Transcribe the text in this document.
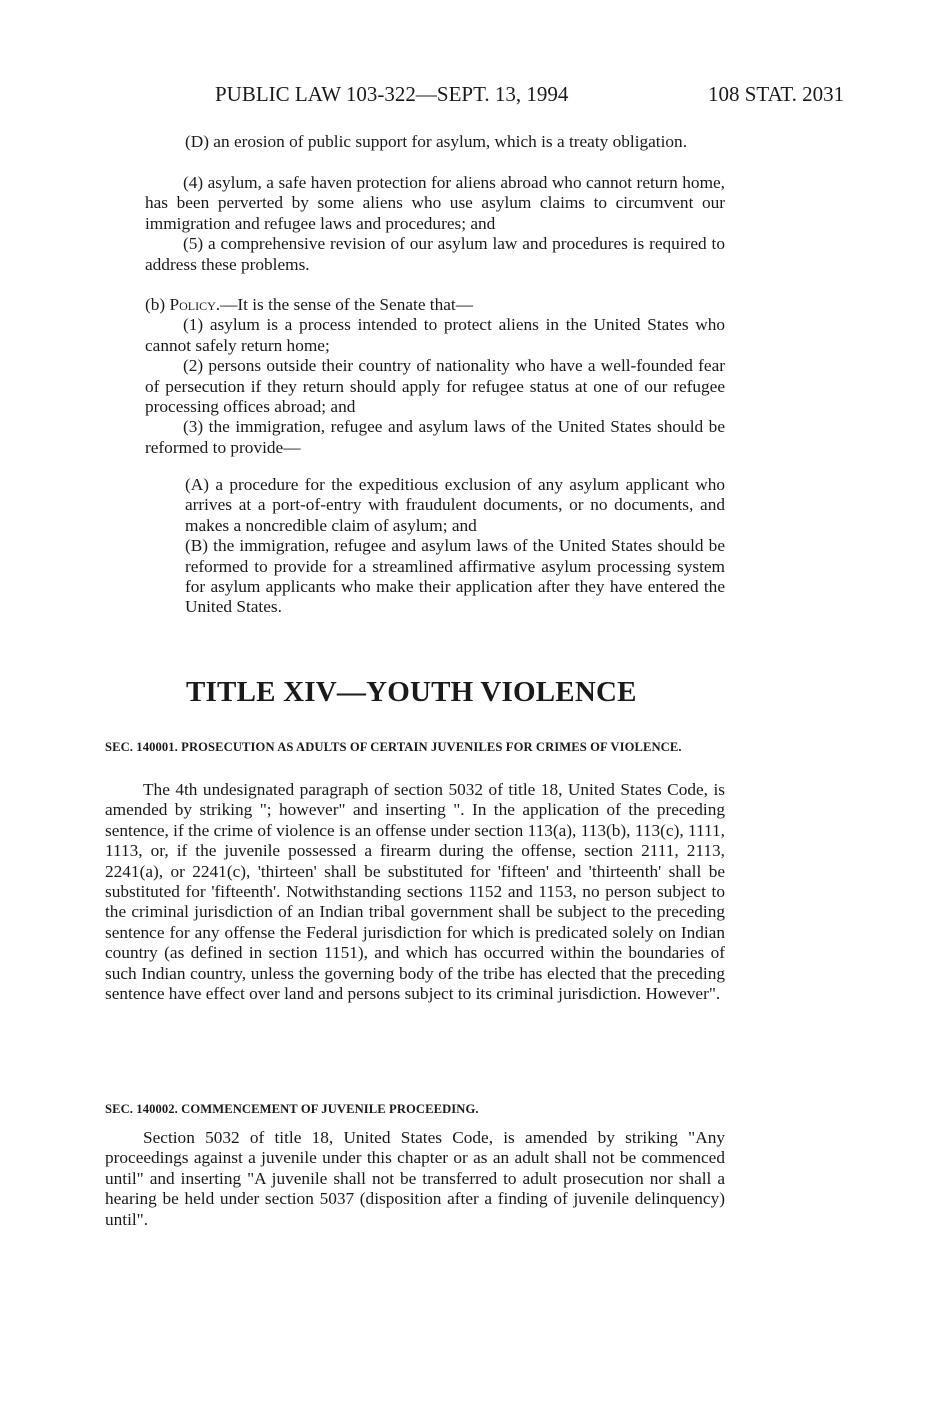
PUBLIC LAW 103-322—SEPT. 13, 1994	108 STAT. 2031

(D) an erosion of public support for asylum, which is a treaty obligation.

(4) asylum, a safe haven protection for aliens abroad who cannot return home, has been perverted by some aliens who use asylum claims to circumvent our immigration and refugee laws and procedures; and

(5) a comprehensive revision of our asylum law and procedures is required to address these problems.

(b) Policy.—It is the sense of the Senate that—

(1) asylum is a process intended to protect aliens in the United States who cannot safely return home;

(2) persons outside their country of nationality who have a well-founded fear of persecution if they return should apply for refugee status at one of our refugee processing offices abroad; and

(3) the immigration, refugee and asylum laws of the United States should be reformed to provide—

(A) a procedure for the expeditious exclusion of any asylum applicant who arrives at a port-of-entry with fraudulent documents, or no documents, and makes a noncredible claim of asylum; and

(B) the immigration, refugee and asylum laws of the United States should be reformed to provide for a streamlined affirmative asylum processing system for asylum applicants who make their application after they have entered the United States.

TITLE XIV—YOUTH VIOLENCE
SEC. 140001. PROSECUTION AS ADULTS OF CERTAIN JUVENILES FOR CRIMES OF VIOLENCE.

The 4th undesignated paragraph of section 5032 of title 18, United States Code, is amended by striking "; however" and inserting ". In the application of the preceding sentence, if the crime of violence is an offense under section 113(a), 113(b), 113(c), 1111, 1113, or, if the juvenile possessed a firearm during the offense, section 2111, 2113, 2241(a), or 2241(c), 'thirteen' shall be substituted for 'fifteen' and 'thirteenth' shall be substituted for 'fifteenth'. Notwithstanding sections 1152 and 1153, no person subject to the criminal jurisdiction of an Indian tribal government shall be subject to the preceding sentence for any offense the Federal jurisdiction for which is predicated solely on Indian country (as defined in section 1151), and which has occurred within the boundaries of such Indian country, unless the governing body of the tribe has elected that the preceding sentence have effect over land and persons subject to its criminal jurisdiction. However".

SEC. 140002. COMMENCEMENT OF JUVENILE PROCEEDING.

Section 5032 of title 18, United States Code, is amended by striking "Any proceedings against a juvenile under this chapter or as an adult shall not be commenced until" and inserting "A juvenile shall not be transferred to adult prosecution nor shall a hearing be held under section 5037 (disposition after a finding of juvenile delinquency) until".
